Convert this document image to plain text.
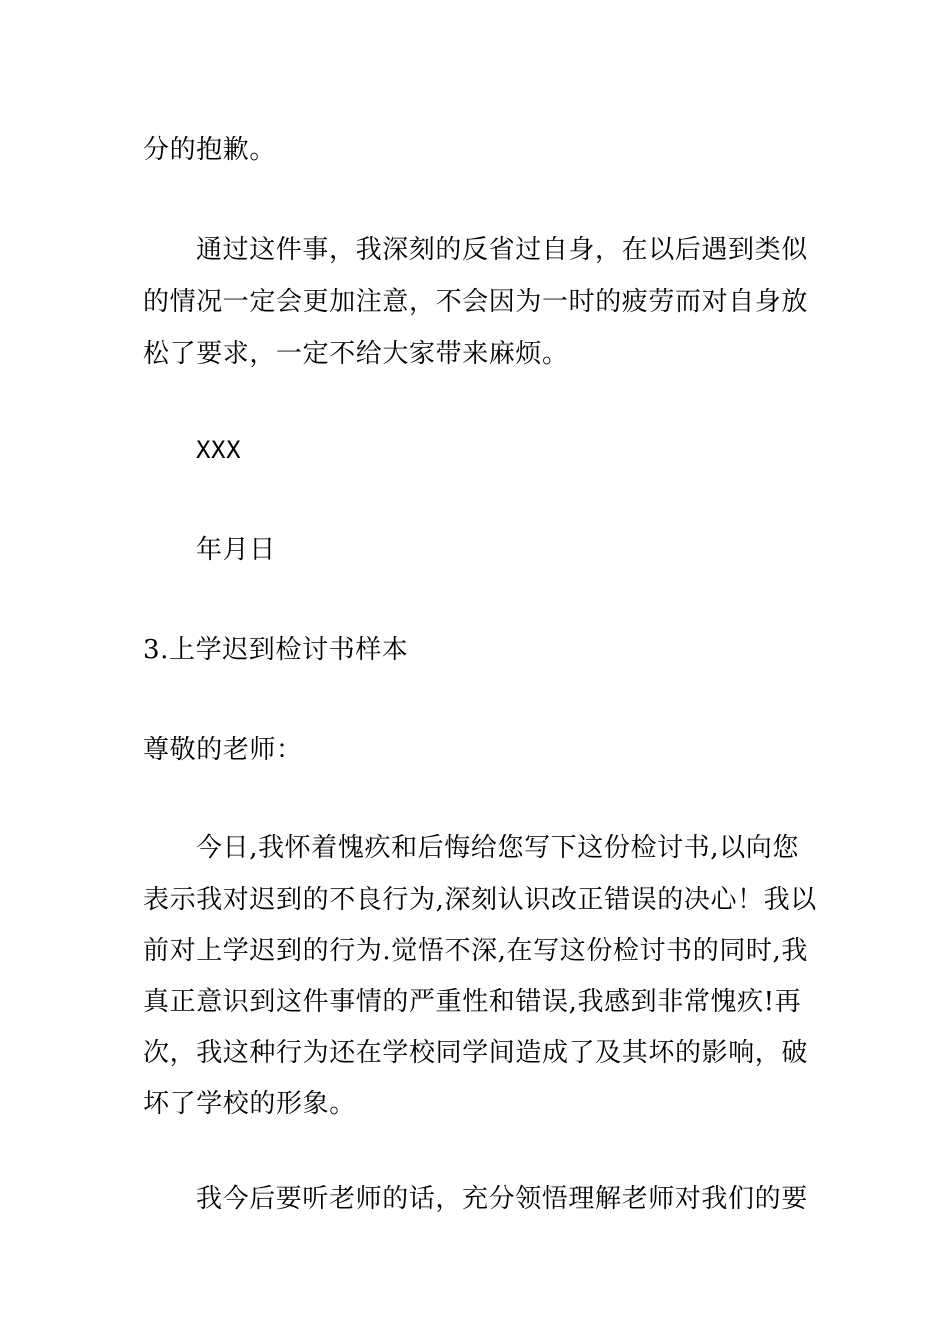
分的抱歉。
通过这件事，我深刻的反省过自身，在以后遇到类似
的情况一定会更加注意，不会因为一时的疲劳而对自身放
松了要求，一定不给大家带来麻烦。
XXX
年月日
3.上学迟到检讨书样本
尊敬的老师：
今日,我怀着愧疚和后悔给您写下这份检讨书,以向您
表示我对迟到的不良行为,深刻认识改正错误的决心！我以
前对上学迟到的行为.觉悟不深,在写这份检讨书的同时,我
真正意识到这件事情的严重性和错误,我感到非常愧疚!再
次，我这种行为还在学校同学间造成了及其坏的影响，破
坏了学校的形象。
我今后要听老师的话，充分领悟理解老师对我们的要
